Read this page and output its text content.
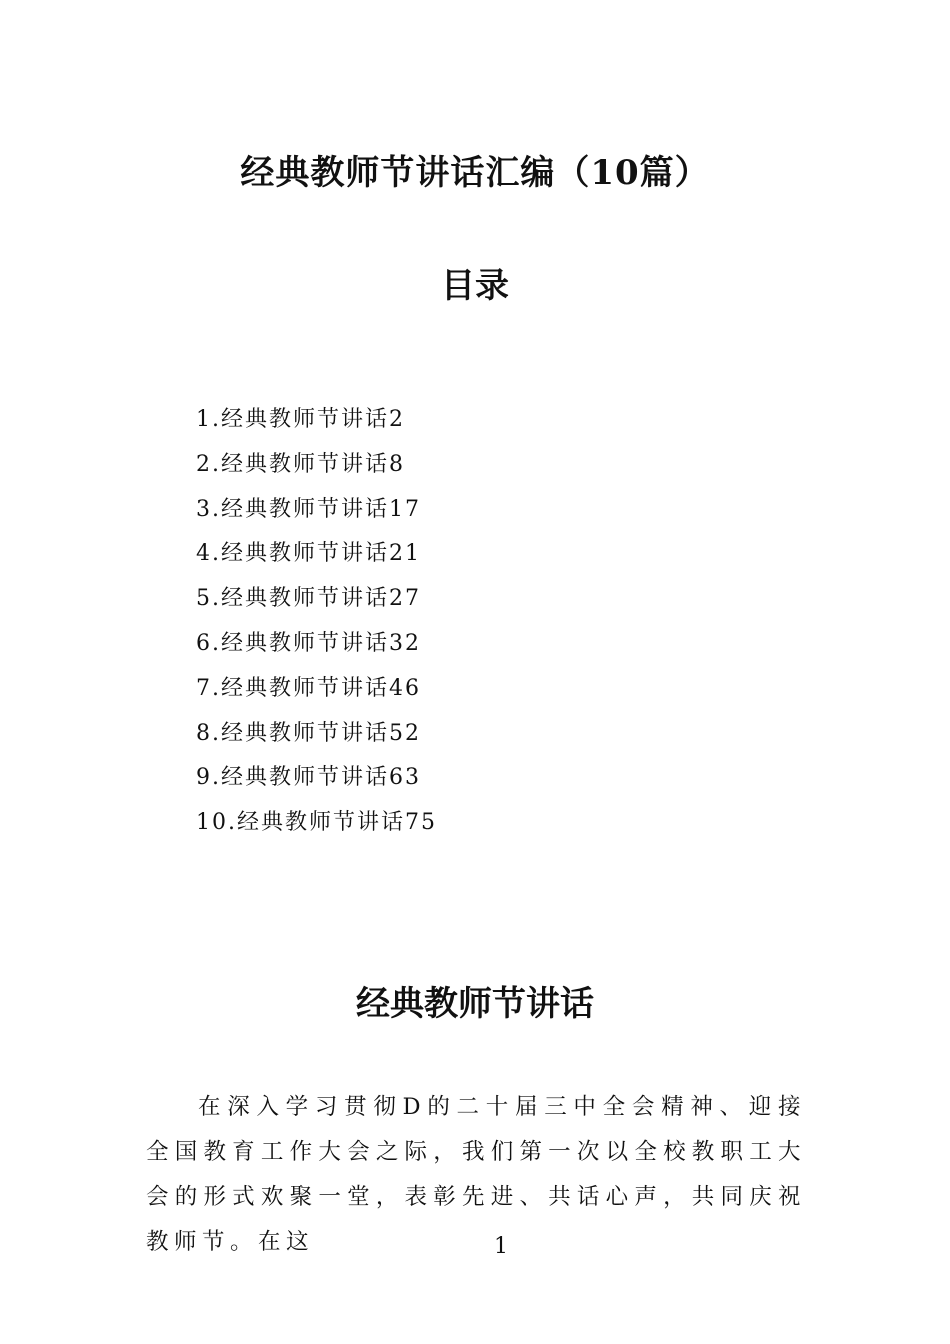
经典教师节讲话汇编（10篇）
目录
1.经典教师节讲话2
2.经典教师节讲话8
3.经典教师节讲话17
4.经典教师节讲话21
5.经典教师节讲话27
6.经典教师节讲话32
7.经典教师节讲话46
8.经典教师节讲话52
9.经典教师节讲话63
10.经典教师节讲话75
经典教师节讲话

在深入学习贯彻D的二十届三中全会精神、迎接全国教育工作大会之际，我们第一次以全校教职工大会的形式欢聚一堂，表彰先进、共话心声，共同庆祝教师节。在这	1
